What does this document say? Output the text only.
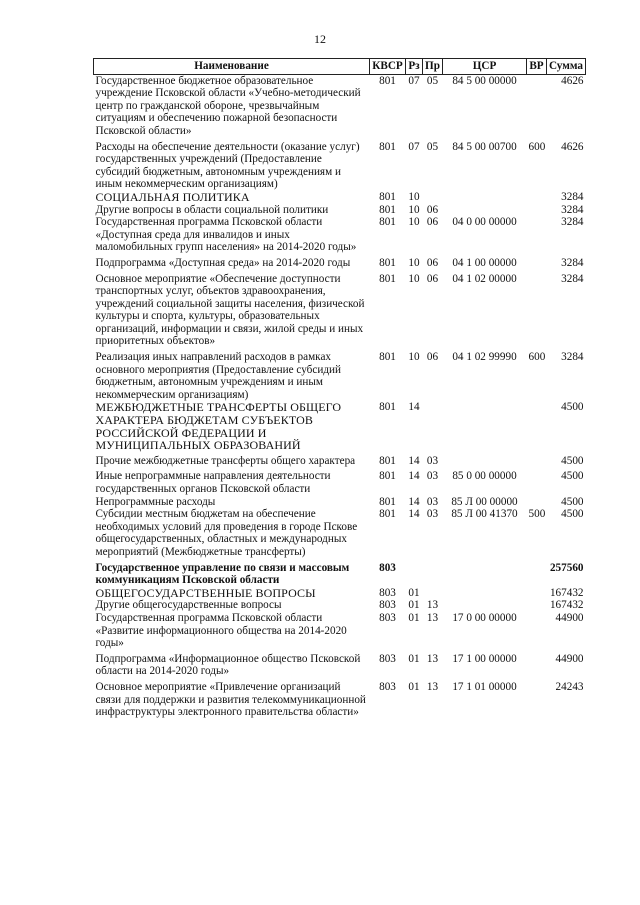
12
Наименование	КВСР	Рз	Пр	ЦСР	ВР	Сумма
Государственное бюджетное образовательное учреждение Псковской области «Учебно-методический центр по гражданской обороне, чрезвычайным ситуациям и обеспечению пожарной безопасности Псковской области»	801	07	05	84 5 00 00000		4626
Расходы на обеспечение деятельности (оказание услуг) государственных учреждений (Предоставление субсидий бюджетным, автономным учреждениям и иным некоммерческим организациям)	801	07	05	84 5 00 00700	600	4626
СОЦИАЛЬНАЯ ПОЛИТИКА	801	10				3284
Другие вопросы в области социальной политики	801	10	06			3284
Государственная программа Псковской области «Доступная среда для инвалидов и иных маломобильных групп населения» на 2014-2020 годы»	801	10	06	04 0 00 00000		3284
Подпрограмма «Доступная среда» на 2014-2020 годы	801	10	06	04 1 00 00000		3284
Основное мероприятие «Обеспечение доступности транспортных услуг, объектов здравоохранения, учреждений социальной защиты населения, физической культуры и спорта, культуры, образовательных организаций, информации и связи, жилой среды и иных приоритетных объектов»	801	10	06	04 1 02 00000		3284
Реализация иных направлений расходов в рамках основного мероприятия (Предоставление субсидий бюджетным, автономным учреждениям и иным некоммерческим организациям)	801	10	06	04 1 02 99990	600	3284
МЕЖБЮДЖЕТНЫЕ ТРАНСФЕРТЫ ОБЩЕГО ХАРАКТЕРА БЮДЖЕТАМ СУБЪЕКТОВ РОССИЙСКОЙ ФЕДЕРАЦИИ И МУНИЦИПАЛЬНЫХ ОБРАЗОВАНИЙ	801	14				4500
Прочие межбюджетные трансферты общего характера	801	14	03			4500
Иные непрограммные направления деятельности государственных органов Псковской области	801	14	03	85 0 00 00000		4500
Непрограммные расходы	801	14	03	85 Л 00 00000		4500
Субсидии местным бюджетам на обеспечение необходимых условий для проведения в городе Пскове общегосударственных, областных и международных мероприятий (Межбюджетные трансферты)	801	14	03	85 Л 00 41370	500	4500
Государственное управление по связи и массовым коммуникациям Псковской области	803					257560
ОБЩЕГОСУДАРСТВЕННЫЕ ВОПРОСЫ	803	01				167432
Другие общегосударственные вопросы	803	01	13			167432
Государственная программа Псковской области «Развитие информационного общества на 2014-2020 годы»	803	01	13	17 0 00 00000		44900
Подпрограмма «Информационное общество Псковской области на 2014-2020 годы»	803	01	13	17 1 00 00000		44900
Основное мероприятие «Привлечение организаций связи для поддержки и развития телекоммуникационной инфраструктуры электронного правительства области»	803	01	13	17 1 01 00000		24243
